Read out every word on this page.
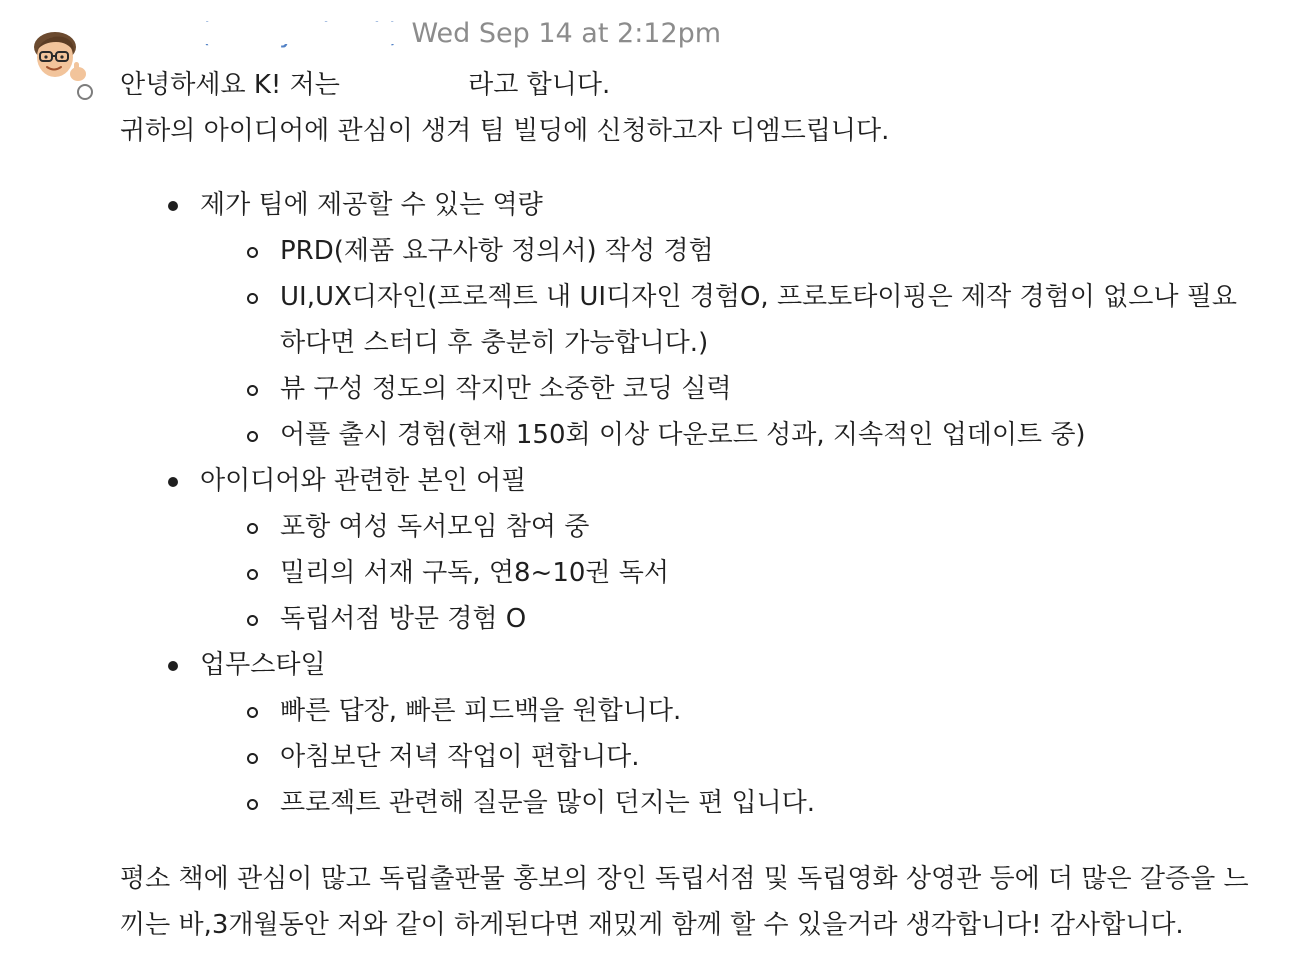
Wed Sep 14 at 2:12pm

안녕하세요 K! 저는	라고 합니다.

귀하의 아이디어에 관심이 생겨 팀 빌딩에 신청하고자 디엠드립니다.

제가 팀에 제공할 수 있는 역량
PRD(제품 요구사항 정의서) 작성 경험
UI,UX디자인(프로젝트 내 UI디자인 경험O, 프로토타이핑은 제작 경험이 없으나 필요하다면 스터디 후 충분히 가능합니다.)
뷰 구성 정도의 작지만 소중한 코딩 실력
어플 출시 경험(현재 150회 이상 다운로드 성과, 지속적인 업데이트 중)
아이디어와 관련한 본인 어필
포항 여성 독서모임 참여 중
밀리의 서재 구독, 연8~10권 독서
독립서점 방문 경험 O
업무스타일
빠른 답장, 빠른 피드백을 원합니다.
아침보단 저녁 작업이 편합니다.
프로젝트 관련해 질문을 많이 던지는 편 입니다.

평소 책에 관심이 많고 독립출판물 홍보의 장인 독립서점 및 독립영화 상영관 등에 더 많은 갈증을 느끼는 바,3개월동안 저와 같이 하게된다면 재밌게 함께 할 수 있을거라 생각합니다! 감사합니다.
